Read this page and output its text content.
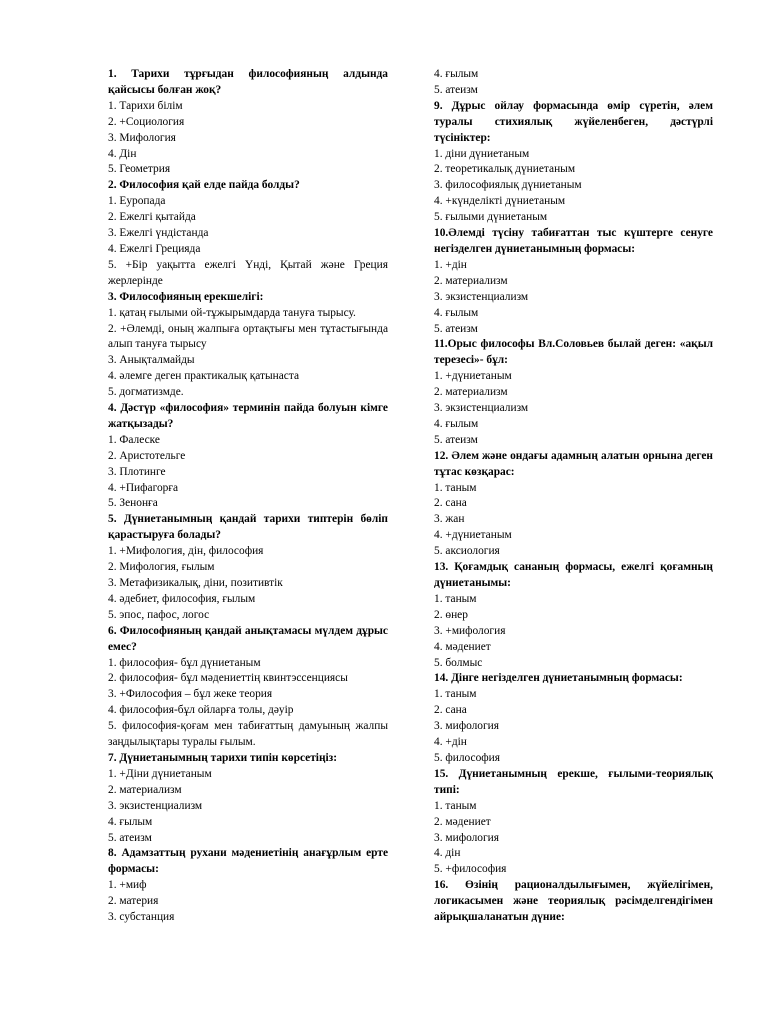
1. Тарихи тұрғыдан философияның алдында қайсысы болған жоқ?

1. Тарихи білім

2. +Социология

3. Мифология

4. Дін

5. Геометрия

2. Философия қай елде пайда болды?

1. Еуропада

2. Ежелгі қытайда

3. Ежелгі үндістанда

4. Ежелгі Грецияда

5. +Бір уақытта ежелгі Үнді, Қытай және Греция жерлерінде

3. Философияның ерекшелігі:

1. қатаң ғылыми ой-тұжырымдарда тануға тырысу.

2. +Әлемді, оның жалпыға ортақтығы мен тұтастығында алып тануға тырысу

3. Анықталмайды

4. әлемге деген практикалық қатынаста

5. догматизмде.

4. Дәстүр «философия» терминін пайда болуын кімге жатқызады?

1. Фалеске

2. Аристотельге

3. Плотинге

4. +Пифагорға

5. Зенонға

5. Дүниетанымның қандай тарихи типтерін бөліп қарастыруға болады?

1. +Мифология, дін, философия

2. Мифология, ғылым

3. Метафизикалық, діни, позитивтік

4. әдебиет, философия, ғылым

5. эпос, пафос, логос

6. Философияның қандай анықтамасы мүлдем дұрыс емес?

1. философия- бұл дүниетаным

2. философия- бұл мәдениеттің квинтэссенциясы

3. +Философия – бұл жеке теория

4. философия-бұл ойларға толы, дәуір

5. философия-қоғам мен табиғаттың дамуының жалпы заңдылықтары туралы ғылым.

7. Дүниетанымның тарихи типін көрсетіңіз:

1. +Діни дүниетаным

2. материализм

3. экзистенциализм

4. ғылым

5. атеизм

8. Адамзаттың рухани мәдениетінің анағұрлым ерте формасы:

1. +миф

2. материя

3. субстанция

4. ғылым

5. атеизм

9. Дұрыс ойлау формасында өмір сүретін, әлем туралы стихиялық жүйеленбеген, дәстүрлі түсініктер:

1. діни дүниетаным

2. теоретикалық дүниетаным

3. философиялық дүниетаным

4. +күнделікті дүниетаным

5. ғылыми дүниетаным

10.Әлемді түсіну табиғаттан тыс күштерге сенуге негізделген дүниетанымның формасы:

1. +дін

2. материализм

3. экзистенциализм

4. ғылым

5. атеизм

11.Орыс философы Вл.Соловьев былай деген: «ақыл терезесі»- бұл:

1. +дүниетаным

2. материализм

3. экзистенциализм

4. ғылым

5. атеизм

12. Әлем және ондағы адамның алатын орнына деген тұтас көзқарас:

1. таным

2. сана

3. жан

4. +дүниетаным

5. аксиология

13. Қоғамдық сананың формасы, ежелгі қоғамның дүниетанымы:

1. таным

2. өнер

3. +мифология

4. мәдениет

5. болмыс

14. Дінге негізделген дүниетанымның формасы:

1. таным

2. сана

3. мифология

4. +дін

5. философия

15. Дүниетанымның ерекше, ғылыми-теориялық типі:

1. таным

2. мәдениет

3. мифология

4. дін

5. +философия

16. Өзінің рационалдылығымен, жүйелігімен, логикасымен және теориялық рәсімделгендігімен айрықшаланатын дүние:
